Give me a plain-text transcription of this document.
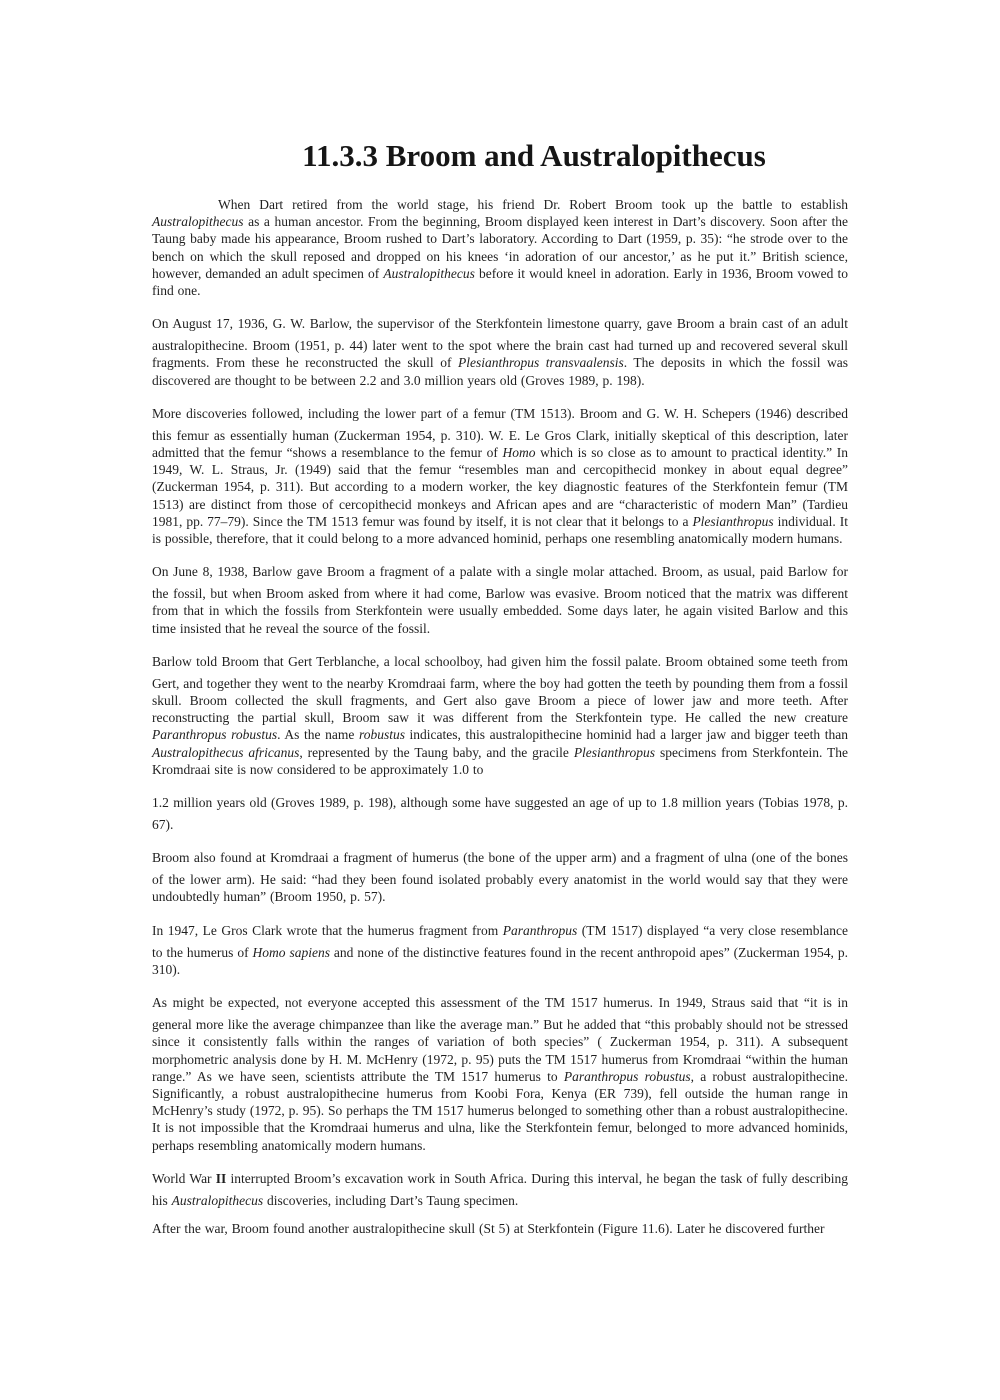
11.3.3 Broom and Australopithecus

When Dart retired from the world stage, his friend Dr. Robert Broom took up the battle to establish Australopithecus as a human ancestor. From the beginning, Broom displayed keen interest in Dart’s discovery. Soon after the Taung baby made his appearance, Broom rushed to Dart’s laboratory. According to Dart (1959, p. 35): “he strode over to the bench on which the skull reposed and dropped on his knees ‘in adoration of our ancestor,’ as he put it.” British science, however, demanded an adult specimen of Australopithecus before it would kneel in adoration. Early in 1936, Broom vowed to find one.

On August 17, 1936, G. W. Barlow, the supervisor of the Sterkfontein limestone quarry, gave Broom a brain cast of an adult australopithecine. Broom (1951, p. 44) later went to the spot where the brain cast had turned up and recovered several skull fragments. From these he reconstructed the skull of Plesianthropus transvaalensis. The deposits in which the fossil was discovered are thought to be between 2.2 and 3.0 million years old (Groves 1989, p. 198).

More discoveries followed, including the lower part of a femur (TM 1513). Broom and G. W. H. Schepers (1946) described this femur as essentially human (Zuckerman 1954, p. 310). W. E. Le Gros Clark, initially skeptical of this description, later admitted that the femur “shows a resemblance to the femur of Homo which is so close as to amount to practical identity.” In 1949, W. L. Straus, Jr. (1949) said that the femur “resembles man and cercopithecid monkey in about equal degree” (Zuckerman 1954, p. 311). But according to a modern worker, the key diagnostic features of the Sterkfontein femur (TM 1513) are distinct from those of cercopithecid monkeys and African apes and are “characteristic of modern Man” (Tardieu 1981, pp. 77–79). Since the TM 1513 femur was found by itself, it is not clear that it belongs to a Plesianthropus individual. It is possible, therefore, that it could belong to a more advanced hominid, perhaps one resembling anatomically modern humans.

On June 8, 1938, Barlow gave Broom a fragment of a palate with a single molar attached. Broom, as usual, paid Barlow for the fossil, but when Broom asked from where it had come, Barlow was evasive. Broom noticed that the matrix was different from that in which the fossils from Sterkfontein were usually embedded. Some days later, he again visited Barlow and this time insisted that he reveal the source of the fossil.

Barlow told Broom that Gert Terblanche, a local schoolboy, had given him the fossil palate. Broom obtained some teeth from Gert, and together they went to the nearby Kromdraai farm, where the boy had gotten the teeth by pounding them from a fossil skull. Broom collected the skull fragments, and Gert also gave Broom a piece of lower jaw and more teeth. After reconstructing the partial skull, Broom saw it was different from the Sterkfontein type. He called the new creature Paranthropus robustus. As the name robustus indicates, this australopithecine hominid had a larger jaw and bigger teeth than Australopithecus africanus, represented by the Taung baby, and the gracile Plesianthropus specimens from Sterkfontein. The Kromdraai site is now considered to be approximately 1.0 to

1.2 million years old (Groves 1989, p. 198), although some have suggested an age of up to 1.8 million years (Tobias 1978, p. 67).

Broom also found at Kromdraai a fragment of humerus (the bone of the upper arm) and a fragment of ulna (one of the bones of the lower arm). He said: “had they been found isolated probably every anatomist in the world would say that they were undoubtedly human” (Broom 1950, p. 57).

In 1947, Le Gros Clark wrote that the humerus fragment from Paranthropus (TM 1517) displayed “a very close resemblance to the humerus of Homo sapiens and none of the distinctive features found in the recent anthropoid apes” (Zuckerman 1954, p. 310).

As might be expected, not everyone accepted this assessment of the TM 1517 humerus. In 1949, Straus said that “it is in general more like the average chimpanzee than like the average man.” But he added that “this probably should not be stressed since it consistently falls within the ranges of variation of both species” ( Zuckerman 1954, p. 311). A subsequent morphometric analysis done by H. M. McHenry (1972, p. 95) puts the TM 1517 humerus from Kromdraai “within the human range.” As we have seen, scientists attribute the TM 1517 humerus to Paranthropus robustus, a robust australopithecine. Significantly, a robust australopithecine humerus from Koobi Fora, Kenya (ER 739), fell outside the human range in McHenry’s study (1972, p. 95). So perhaps the TM 1517 humerus belonged to something other than a robust australopithecine. It is not impossible that the Kromdraai humerus and ulna, like the Sterkfontein femur, belonged to more advanced hominids, perhaps resembling anatomically modern humans.

World War II interrupted Broom’s excavation work in South Africa. During this interval, he began the task of fully describing his Australopithecus discoveries, including Dart’s Taung specimen.

After the war, Broom found another australopithecine skull (St 5) at Sterkfontein (Figure 11.6). Later he discovered further
